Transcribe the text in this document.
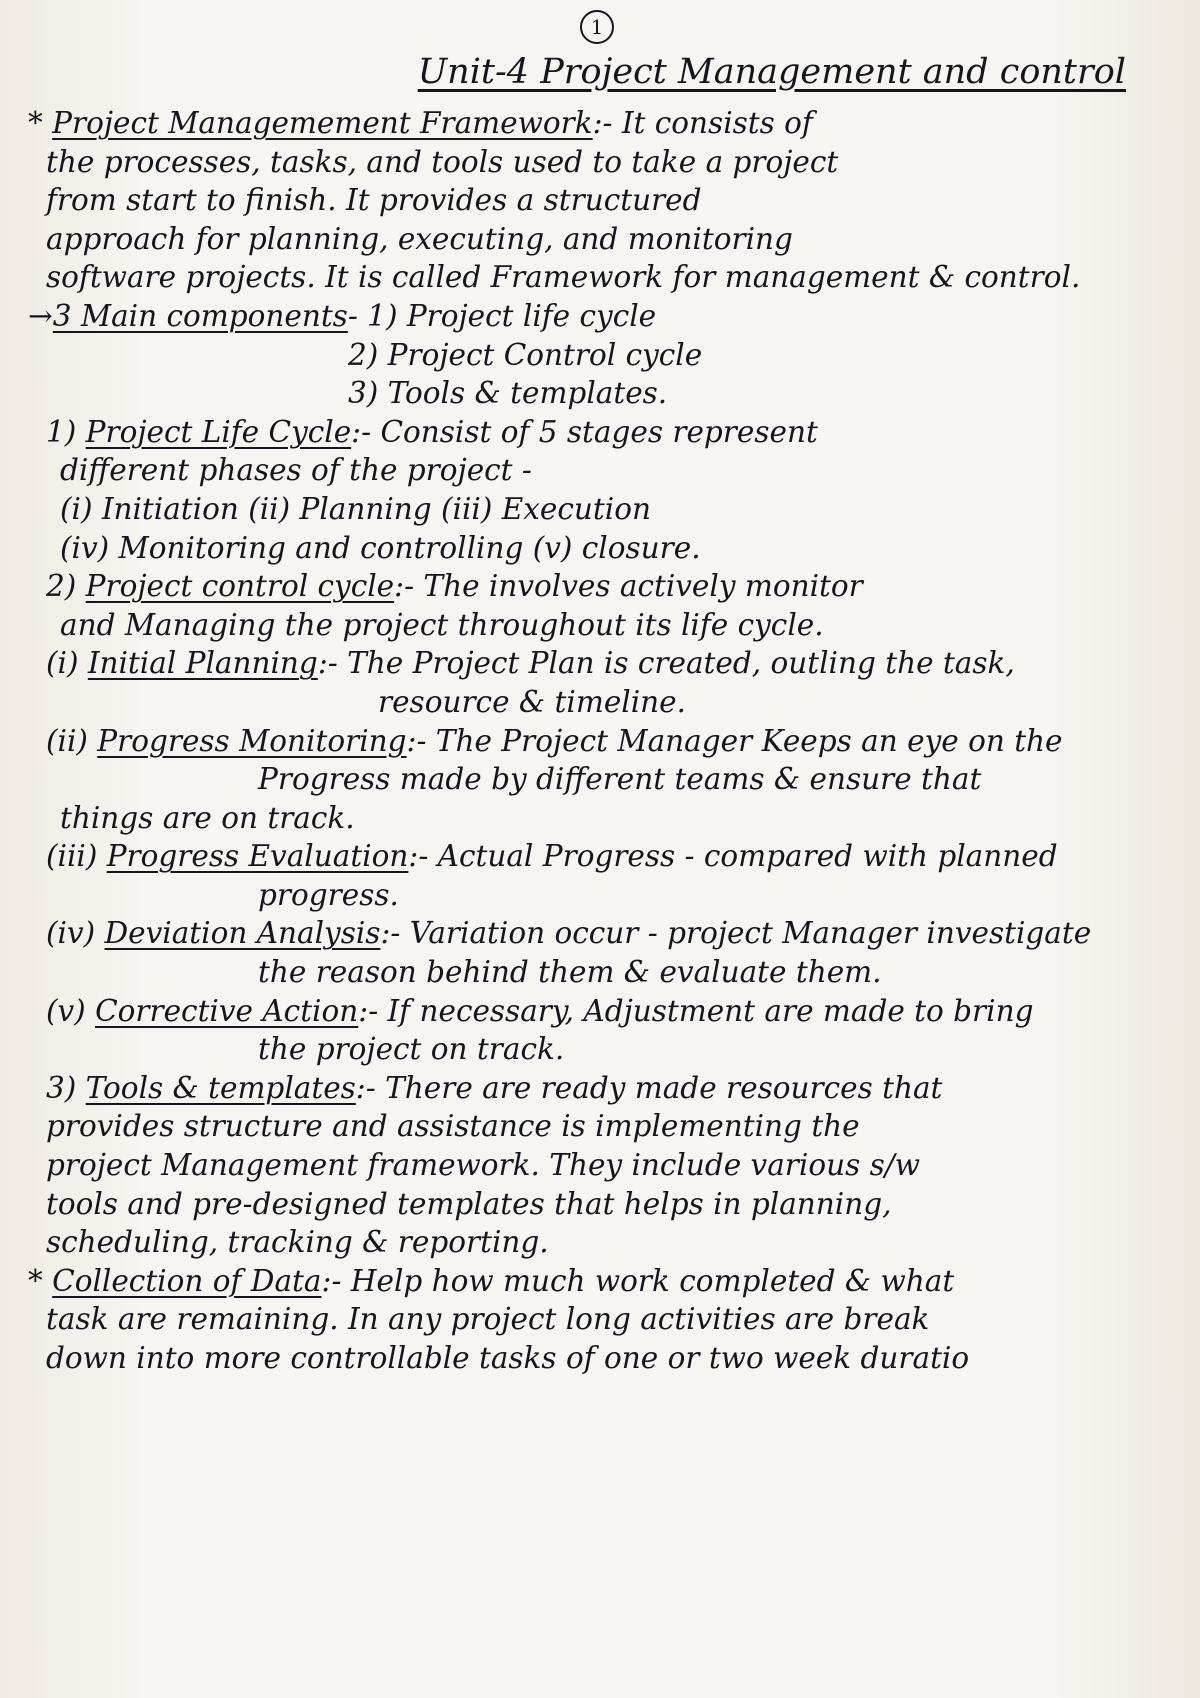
1
Unit-4 Project Management and control
* Project Managemement Framework:- It consists of
the processes, tasks, and tools used to take a project
from start to finish. It provides a structured
approach for planning, executing, and monitoring
software projects. It is called Framework for management & control.
→3 Main components- 1) Project life cycle
2) Project Control cycle
3) Tools & templates.
1) Project Life Cycle:- Consist of 5 stages represent
different phases of the project -
(i) Initiation (ii) Planning (iii) Execution
(iv) Monitoring and controlling (v) closure.
2) Project control cycle:- The involves actively monitor
and Managing the project throughout its life cycle.
(i) Initial Planning:- The Project Plan is created, outling the task,
resource & timeline.
(ii) Progress Monitoring:- The Project Manager Keeps an eye on the
Progress made by different teams & ensure that
things are on track.
(iii) Progress Evaluation:- Actual Progress - compared with planned
progress.
(iv) Deviation Analysis:- Variation occur - project Manager investigate
the reason behind them & evaluate them.
(v) Corrective Action:- If necessary, Adjustment are made to bring
the project on track.
3) Tools & templates:- There are ready made resources that
provides structure and assistance is implementing the
project Management framework. They include various s/w
tools and pre-designed templates that helps in planning,
scheduling, tracking & reporting.
* Collection of Data:- Help how much work completed & what
task are remaining. In any project long activities are break
down into more controllable tasks of one or two week duratio
